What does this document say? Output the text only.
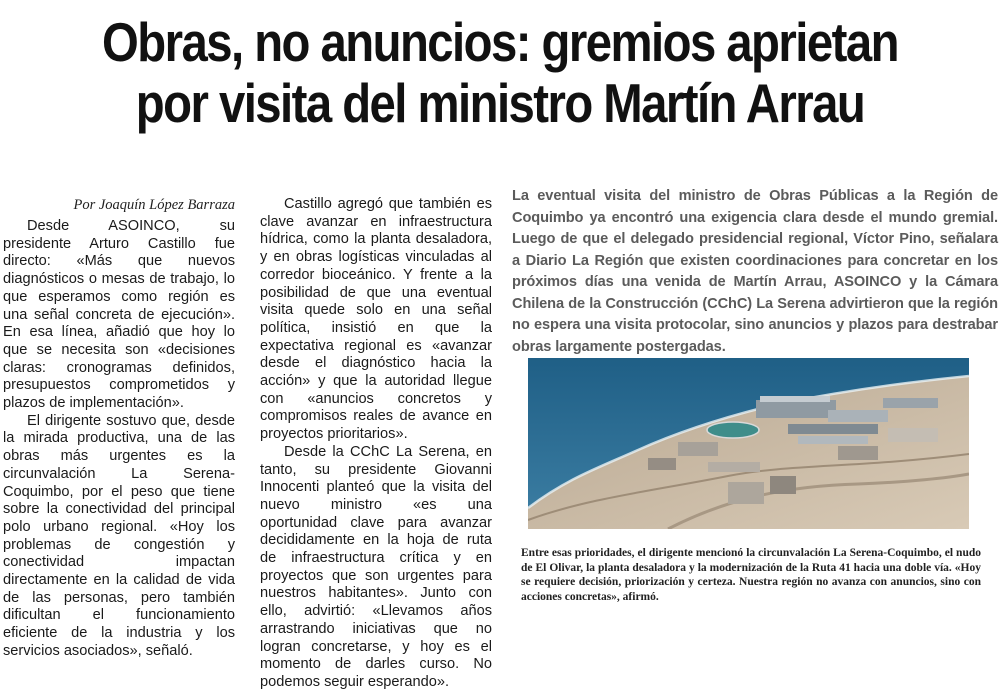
Obras, no anuncios: gremios aprietan
por visita del ministro Martín Arrau
Por Joaquín López Barraza

Desde ASOINCO, su presidente Arturo Castillo fue directo: «Más que nuevos diagnósticos o mesas de trabajo, lo que esperamos como región es una señal concreta de ejecución». En esa línea, añadió que hoy lo que se necesita son «decisiones claras: cronogramas definidos, presupuestos comprometidos y plazos de implementación».

El dirigente sostuvo que, desde la mirada productiva, una de las obras más urgentes es la circunvalación La Serena-Coquimbo, por el peso que tiene sobre la conectividad del principal polo urbano regional. «Hoy los problemas de congestión y conectividad impactan directamente en la calidad de vida de las personas, pero también dificultan el funcionamiento eficiente de la industria y los servicios asociados», señaló.

Castillo agregó que también es clave avanzar en infraestructura hídrica, como la planta desaladora, y en obras logísticas vinculadas al corredor bioceánico. Y frente a la posibilidad de que una eventual visita quede solo en una señal política, insistió en que la expectativa regional es «avanzar desde el diagnóstico hacia la acción» y que la autoridad llegue con «anuncios concretos y compromisos reales de avance en proyectos prioritarios».

Desde la CChC La Serena, en tanto, su presidente Giovanni Innocenti planteó que la visita del nuevo ministro «es una oportunidad clave para avanzar decididamente en la hoja de ruta de infraestructura crítica y en proyectos que son urgentes para nuestros habitantes». Junto con ello, advirtió: «Llevamos años arrastrando iniciativas que no logran concretarse, y hoy es el momento de darles curso. No podemos seguir esperando».

La eventual visita del ministro de Obras Públicas a la Región de Coquimbo ya encontró una exigencia clara desde el mundo gremial. Luego de que el delegado presidencial regional, Víctor Pino, señalara a Diario La Región que existen coordinaciones para concretar en los próximos días una venida de Martín Arrau, ASOINCO y la Cámara Chilena de la Construcción (CChC) La Serena advirtieron que la región no espera una visita protocolar, sino anuncios y plazos para destrabar obras largamente postergadas.

Entre esas prioridades, el dirigente mencionó la circunvalación La Serena-Coquimbo, el nudo de El Olivar, la planta desaladora y la modernización de la Ruta 41 hacia una doble vía. «Hoy se requiere decisión, priorización y certeza. Nuestra región no avanza con anuncios, sino con acciones concretas», afirmó.
